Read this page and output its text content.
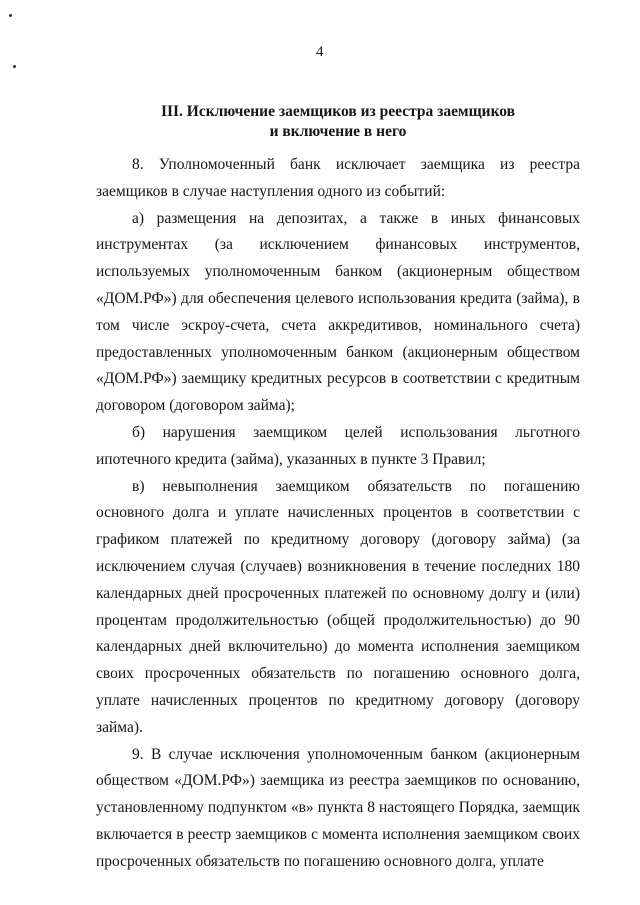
4
III. Исключение заемщиков из реестра заемщиков
и включение в него

8. Уполномоченный банк исключает заемщика из реестра заемщиков в случае наступления одного из событий:

а) размещения на депозитах, а также в иных финансовых инструментах (за исключением финансовых инструментов, используемых уполномоченным банком (акционерным обществом «ДОМ.РФ») для обеспечения целевого использования кредита (займа), в том числе эскроу-счета, счета аккредитивов, номинального счета) предоставленных уполномоченным банком (акционерным обществом «ДОМ.РФ») заемщику кредитных ресурсов в соответствии с кредитным договором (договором займа);

б) нарушения заемщиком целей использования льготного ипотечного кредита (займа), указанных в пункте 3 Правил;

в) невыполнения заемщиком обязательств по погашению основного долга и уплате начисленных процентов в соответствии с графиком платежей по кредитному договору (договору займа) (за исключением случая (случаев) возникновения в течение последних 180 календарных дней просроченных платежей по основному долгу и (или) процентам продолжительностью (общей продолжительностью) до 90 календарных дней включительно) до момента исполнения заемщиком своих просроченных обязательств по погашению основного долга, уплате начисленных процентов по кредитному договору (договору займа).

9. В случае исключения уполномоченным банком (акционерным обществом «ДОМ.РФ») заемщика из реестра заемщиков по основанию, установленному подпунктом «в» пункта 8 настоящего Порядка, заемщик включается в реестр заемщиков с момента исполнения заемщиком своих просроченных обязательств по погашению основного долга, уплате
